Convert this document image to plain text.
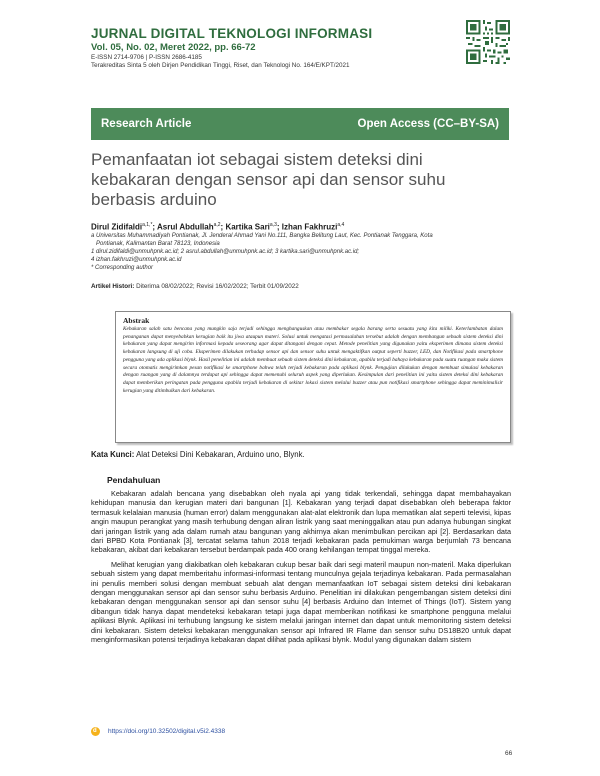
JURNAL DIGITAL TEKNOLOGI INFORMASI
Vol. 05, No. 02, Meret 2022, pp. 66-72
E-ISSN 2714-9706 | P-ISSN 2686-4185
Terakreditas Sinta 5 oleh Dirjen Pendidikan Tinggi, Riset, dan Teknologi No. 164/E/KPT/2021
Research Article	Open Access (CC–BY-SA)
Pemanfaatan iot sebagai sistem deteksi dini kebakaran dengan sensor api dan sensor suhu berbasis arduino
Dirul Zidifaldi$^{a,1,*}$; Asrul Abdullah$^{a,2}$; Kartika Sari$^{a,3}$; Izhan Fakhruzi$^{a,4}$

a Universitas Muhammadiyah Pontianak, Jl. Jenderal Ahmad Yani No.111, Bangka Belitung Laut, Kec. Pontianak Tenggara, Kota

Pontianak, Kalimantan Barat 78123, Indonesia

1 dirul.zidifaldi@unmuhpnk.ac.id; 2 asrul.abdullah@unmuhpnk.ac.id; 3 kartika.sari@unmuhpnk.ac.id;

4 izhan.fakhruzi@unmuhpnk.ac.id

* Corresponding author

Artikel Histori: Diterima 08/02/2022; Revisi 16/02/2022; Terbit 01/09/2022
Abstrak
Kebakaran salah satu bencana yang mungkin saja terjadi sehingga menghanguskan atau membakar segala barang serta sesuatu yang kita miliki. Keterlambatan dalam penanganan dapat menyebabkan kerugian baik itu jiwa ataupun materi. Solusi untuk mengatasi permasalahan tersebut adalah dengan membangun sebuah sistem deteksi dini kebakaran yang dapat mengirim informasi kepada seseorang agar dapat ditangani dengan cepat. Metode penelitian yang digunakan yaitu eksperimen dimana sistem deteksi kebakaran langsung di uji coba. Eksperimen dilakukan terhadap sensor api dan sensor suhu untuk mengaktifkan output seperti buzzer, LED, dan Notifikasi pada smartphone pengguna yang ada aplikasi blynk. Hasil penelitian ini adalah membuat sebuah sistem deteksi dini kebakaran, apabila terjadi bahaya kebakaran pada suatu ruangan maka sistem secara otomatis mengirimkan pesan notifikasi ke smartphone bahwa telah terjadi kebakaran pada aplikasi blynk. Pengujian dilakukan dengan membuat simulasi kebakaran dengan ruangan yang di dalamnya terdapat api sehingga dapat memenuhi seluruh aspek yang diperlukan. Kesimpulan dari penelitian ini yaitu sistem deteksi dini kebakaran dapat memberikan peringatan pada pengguna apabila terjadi kebakaran di sekitar lokasi sistem melalui buzzer atau pun notifikasi smartphone sehingga dapat meminimalisir kerugian yang ditimbulkan dari kebakaran.
Kata Kunci: Alat Deteksi Dini Kebakaran, Arduino uno, Blynk.
Pendahuluan

Kebakaran adalah bencana yang disebabkan oleh nyala api yang tidak terkendali, sehingga dapat membahayakan kehidupan manusia dan kerugian materi dari bangunan [1]. Kebakaran yang terjadi dapat disebabkan oleh beberapa faktor termasuk kelalaian manusia (human error) dalam menggunakan alat-alat elektronik dan lupa mematikan alat seperti televisi, kipas angin maupun perangkat yang masih terhubung dengan aliran listrik yang saat meninggalkan atau pun adanya hubungan singkat dari jaringan listrik yang ada dalam rumah atau bangunan yang akhirnya akan menimbulkan percikan api [2]. Berdasarkan data dari BPBD Kota Pontianak [3], tercatat selama tahun 2018 terjadi kebakaran pada pemukiman warga berjumlah 73 bencana kebakaran, akibat dari kebakaran tersebut berdampak pada 400 orang kehilangan tempat tinggal mereka.

Melihat kerugian yang diakibatkan oleh kebakaran cukup besar baik dari segi materil maupun non-materil. Maka diperlukan sebuah sistem yang dapat memberitahu informasi-informasi tentang munculnya gejala terjadinya kebakaran. Pada permasalahan ini penulis memberi solusi dengan membuat sebuah alat dengan memanfaatkan IoT sebagai sistem deteksi dini kebakaran dengan menggunakan sensor api dan sensor suhu berbasis Arduino. Penelitian ini dilakukan pengembangan sistem deteksi dini kebakaran dengan menggunakan sensor api dan sensor suhu [4] berbasis Arduino dan Internet of Things (IoT). Sistem yang dibangun tidak hanya dapat mendeteksi kebakaran tetapi juga dapat memberikan notifikasi ke smartphone pengguna melalui aplikasi Blynk. Aplikasi ini terhubung langsung ke sistem melalui jaringan internet dan dapat untuk memonitoring sistem deteksi dini kebakaran. Sistem deteksi kebakaran menggunakan sensor api Infrared IR Flame dan sensor suhu DS18B20 untuk dapat menginformasikan potensi terjadinya kebakaran dapat dilihat pada aplikasi blynk. Modul yang digunakan dalam sistem

d https://doi.org/10.32502/digital.v5i2.4338
66
